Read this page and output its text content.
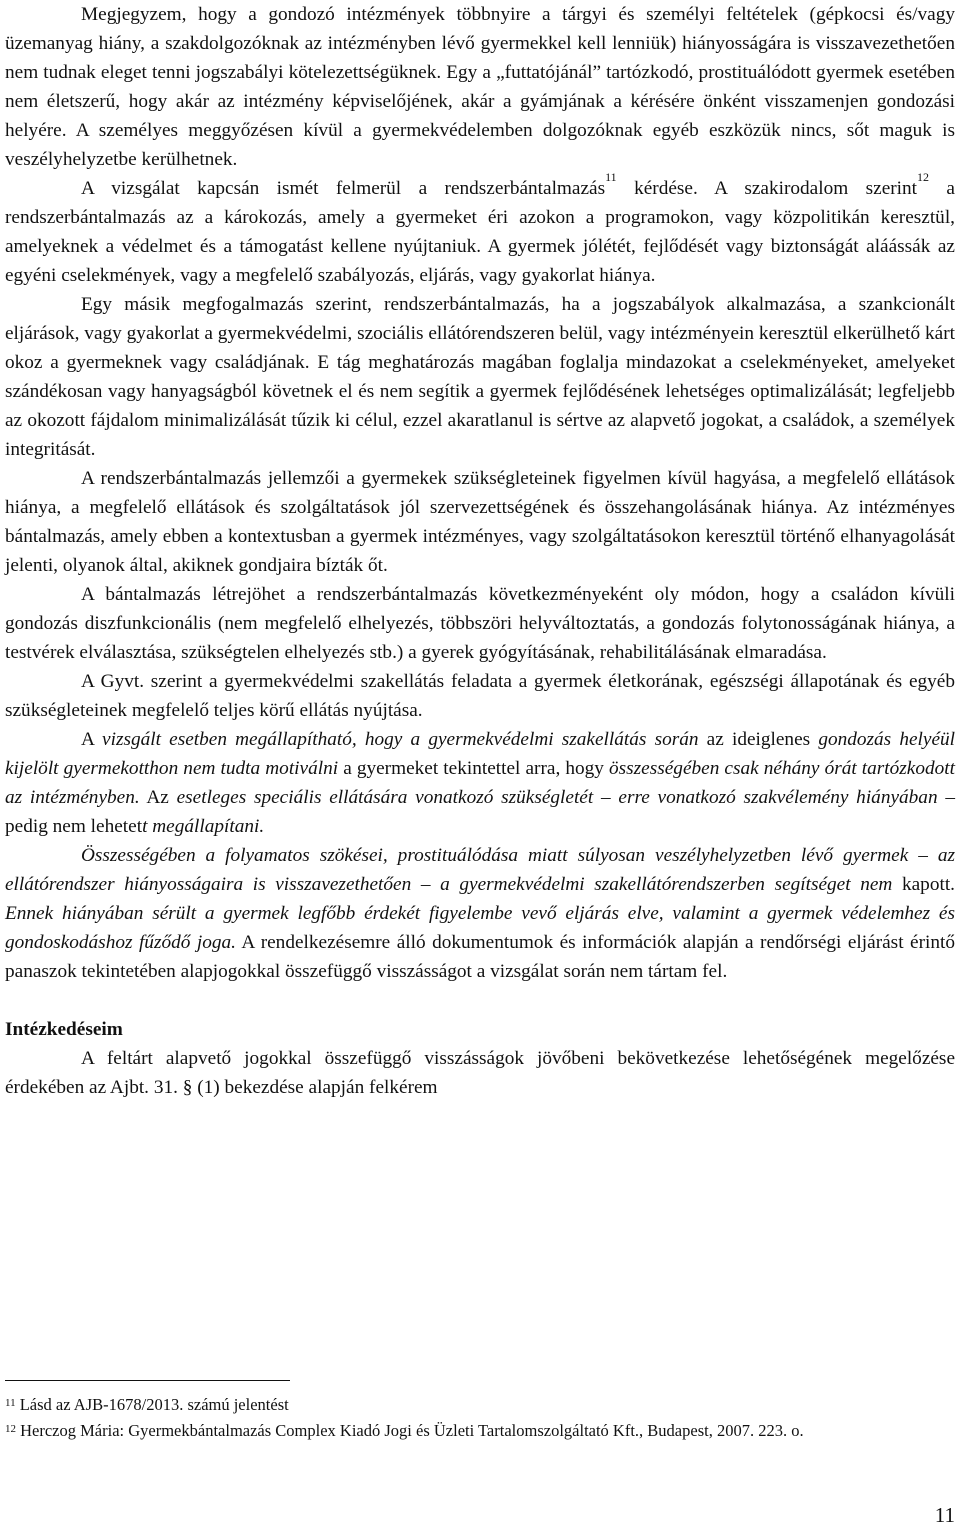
Megjegyzem, hogy a gondozó intézmények többnyire a tárgyi és személyi feltételek (gépkocsi és/vagy üzemanyag hiány, a szakdolgozóknak az intézményben lévő gyermekkel kell lenniük) hiányosságára is visszavezethetően nem tudnak eleget tenni jogszabályi kötelezettségüknek. Egy a „futtatójánál” tartózkodó, prostituálódott gyermek esetében nem életszerű, hogy akár az intézmény képviselőjének, akár a gyámjának a kérésére önként visszamenjen gondozási helyére. A személyes meggyőzésen kívül a gyermekvédelemben dolgozóknak egyéb eszközük nincs, sőt maguk is veszélyhelyzetbe kerülhetnek.

A vizsgálat kapcsán ismét felmerül a rendszerbántalmazás$^{11}$ kérdése. A szakirodalom szerint$^{12}$ a rendszerbántalmazás az a károkozás, amely a gyermeket éri azokon a programokon, vagy közpolitikán keresztül, amelyeknek a védelmet és a támogatást kellene nyújtaniuk. A gyermek jólétét, fejlődését vagy biztonságát aláássák az egyéni cselekmények, vagy a megfelelő szabályozás, eljárás, vagy gyakorlat hiánya.

Egy másik megfogalmazás szerint, rendszerbántalmazás, ha a jogszabályok alkalmazása, a szankcionált eljárások, vagy gyakorlat a gyermekvédelmi, szociális ellátórendszeren belül, vagy intézményein keresztül elkerülhető kárt okoz a gyermeknek vagy családjának. E tág meghatározás magában foglalja mindazokat a cselekményeket, amelyeket szándékosan vagy hanyagságból követnek el és nem segítik a gyermek fejlődésének lehetséges optimalizálását; legfeljebb az okozott fájdalom minimalizálását tűzik ki célul, ezzel akaratlanul is sértve az alapvető jogokat, a családok, a személyek integritását.

A rendszerbántalmazás jellemzői a gyermekek szükségleteinek figyelmen kívül hagyása, a megfelelő ellátások hiánya, a megfelelő ellátások és szolgáltatások jól szervezettségének és összehangolásának hiánya. Az intézményes bántalmazás, amely ebben a kontextusban a gyermek intézményes, vagy szolgáltatásokon keresztül történő elhanyagolását jelenti, olyanok által, akiknek gondjaira bízták őt.

A bántalmazás létrejöhet a rendszerbántalmazás következményeként oly módon, hogy a családon kívüli gondozás diszfunkcionális (nem megfelelő elhelyezés, többszöri helyváltoztatás, a gondozás folytonosságának hiánya, a testvérek elválasztása, szükségtelen elhelyezés stb.) a gyerek gyógyításának, rehabilitálásának elmaradása.

A Gyvt. szerint a gyermekvédelmi szakellátás feladata a gyermek életkorának, egészségi állapotának és egyéb szükségleteinek megfelelő teljes körű ellátás nyújtása.

A vizsgált esetben megállapítható, hogy a gyermekvédelmi szakellátás során az ideiglenes gondozás helyéül kijelölt gyermekotthon nem tudta motiválni a gyermeket tekintettel arra, hogy összességében csak néhány órát tartózkodott az intézményben. Az esetleges speciális ellátására vonatkozó szükségletét – erre vonatkozó szakvélemény hiányában – pedig nem lehetett megállapítani.

Összességében a folyamatos szökései, prostituálódása miatt súlyosan veszélyhelyzetben lévő gyermek – az ellátórendszer hiányosságaira is visszavezethetően – a gyermekvédelmi szakellátórendszerben segítséget nem kapott. Ennek hiányában sérült a gyermek legfőbb érdekét figyelembe vevő eljárás elve, valamint a gyermek védelemhez és gondoskodáshoz fűződő joga. A rendelkezésemre álló dokumentumok és információk alapján a rendőrségi eljárást érintő panaszok tekintetében alapjogokkal összefüggő visszásságot a vizsgálat során nem tártam fel.

Intézkedéseim

A feltárt alapvető jogokkal összefüggő visszásságok jövőbeni bekövetkezése lehetőségének megelőzése érdekében az Ajbt. 31. § (1) bekezdése alapján felkérem

$^{11}$ Lásd az AJB-1678/2013. számú jelentést
$^{12}$ Herczog Mária: Gyermekbántalmazás Complex Kiadó Jogi és Üzleti Tartalomszolgáltató Kft., Budapest, 2007. 223. o.
11
